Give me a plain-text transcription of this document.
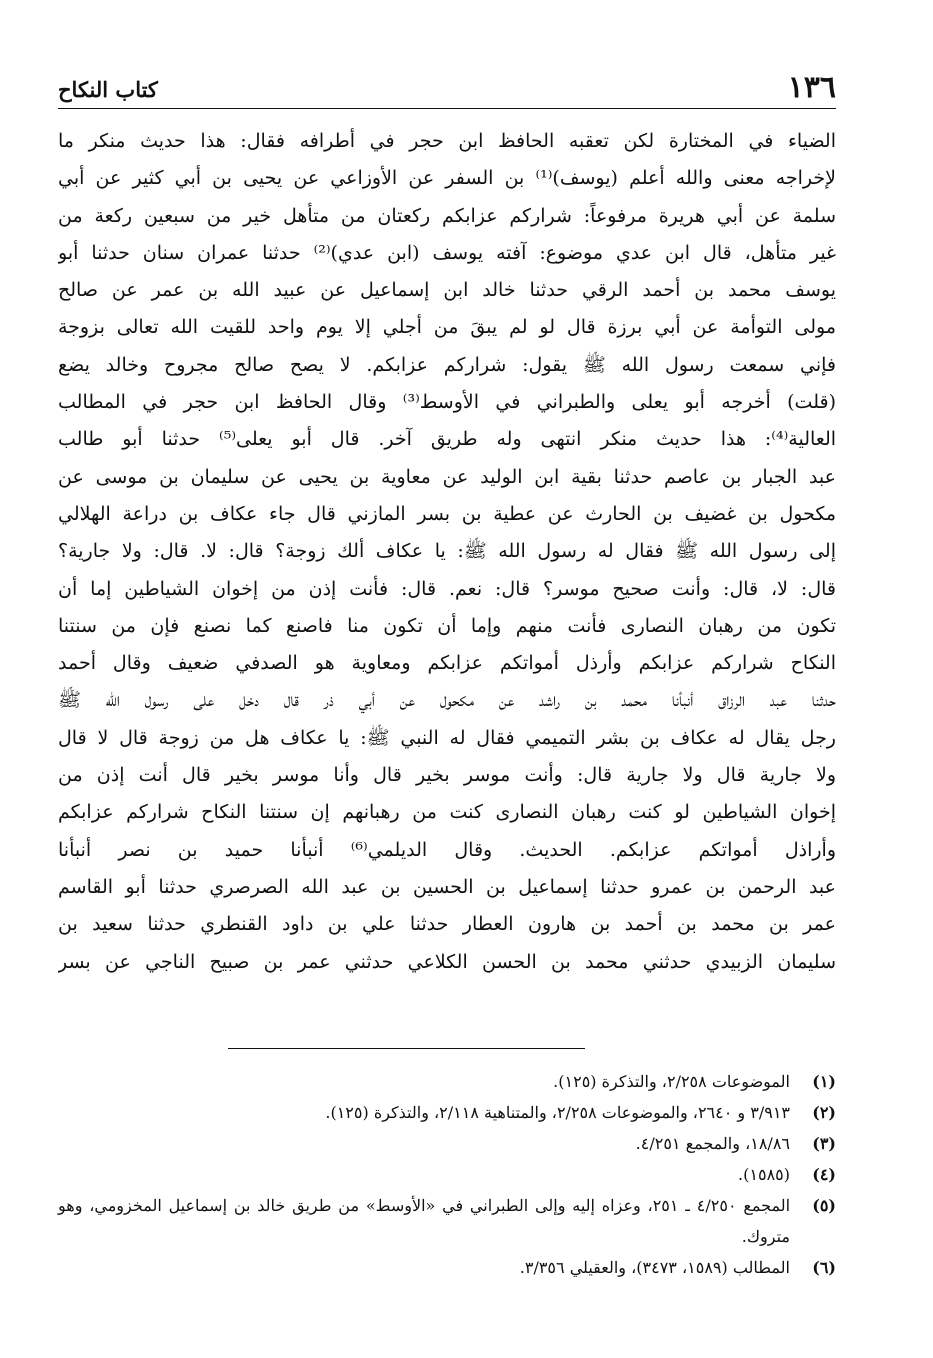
١٣٦
كتاب النكاح
الضياء في المختارة لكن تعقبه الحافظ ابن حجر في أطرافه فقال: هذا حديث منكر ما
لإخراجه معنى والله أعلم (يوسف)⁽¹⁾ بن السفر عن الأوزاعي عن يحيى بن أبي كثير عن أبي
سلمة عن أبي هريرة مرفوعاً: شراركم عزابكم ركعتان من متأهل خير من سبعين ركعة من
غير متأهل، قال ابن عدي موضوع: آفته يوسف (ابن عدي)⁽²⁾ حدثنا عمران سنان حدثنا أبو
يوسف محمد بن أحمد الرقي حدثنا خالد ابن إسماعيل عن عبيد الله بن عمر عن صالح
مولى التوأمة عن أبي برزة قال لو لم يبقَ من أجلي إلا يوم واحد للقيت الله تعالى بزوجة
فإني سمعت رسول الله ﷺ يقول: شراركم عزابكم. لا يصح صالح مجروح وخالد يضع
(قلت) أخرجه أبو يعلى والطبراني في الأوسط⁽³⁾ وقال الحافظ ابن حجر في المطالب
العالية⁽⁴⁾: هذا حديث منكر انتهى وله طريق آخر. قال أبو يعلى⁽⁵⁾ حدثنا أبو طالب
عبد الجبار بن عاصم حدثنا بقية ابن الوليد عن معاوية بن يحيى عن سليمان بن موسى عن
مكحول بن غضيف بن الحارث عن عطية بن بسر المازني قال جاء عكاف بن دراعة الهلالي
إلى رسول الله ﷺ فقال له رسول الله ﷺ: يا عكاف ألك زوجة؟ قال: لا. قال: ولا جارية؟
قال: لا، قال: وأنت صحيح موسر؟ قال: نعم. قال: فأنت إذن من إخوان الشياطين إما أن
تكون من رهبان النصارى فأنت منهم وإما أن تكون منا فاصنع كما نصنع فإن من سنتنا
النكاح شراركم عزابكم وأرذل أمواتكم عزابكم ومعاوية هو الصدفي ضعيف وقال أحمد
حدثنا عبد الرزاق أنبأنا محمد بن راشد عن مكحول عن أبي ذر قال دخل على رسول الله ﷺ
رجل يقال له عكاف بن بشر التميمي فقال له النبي ﷺ: يا عكاف هل من زوجة قال لا قال
ولا جارية قال ولا جارية قال: وأنت موسر بخير قال وأنا موسر بخير قال أنت إذن من
إخوان الشياطين لو كنت رهبان النصارى كنت من رهبانهم إن سنتنا النكاح شراركم عزابكم
وأراذل أمواتكم عزابكم. الحديث. وقال الديلمي⁽⁶⁾ أنبأنا حميد بن نصر أنبأنا
عبد الرحمن بن عمرو حدثنا إسماعيل بن الحسين بن عبد الله الصرصري حدثنا أبو القاسم
عمر بن محمد بن أحمد بن هارون العطار حدثنا علي بن داود القنطري حدثنا سعيد بن
سليمان الزبيدي حدثني محمد بن الحسن الكلاعي حدثني عمر بن صبيح الناجي عن بسر
(١)
الموضوعات ٢/٢٥٨، والتذكرة (١٢٥).
(٢)
٣/٩١٣ و ٢٦٤٠، والموضوعات ٢/٢٥٨، والمتناهية ٢/١١٨، والتذكرة (١٢٥).
(٣)
١٨/٨٦، والمجمع ٤/٢٥١.
(٤)
(١٥٨٥).
(٥)
المجمع ٤/٢٥٠ ـ ٢٥١، وعزاه إليه وإلى الطبراني في «الأوسط» من طريق خالد بن إسماعيل المخزومي، وهو متروك.
(٦)
المطالب (١٥٨٩، ٣٤٧٣)، والعقيلي ٣/٣٥٦.
